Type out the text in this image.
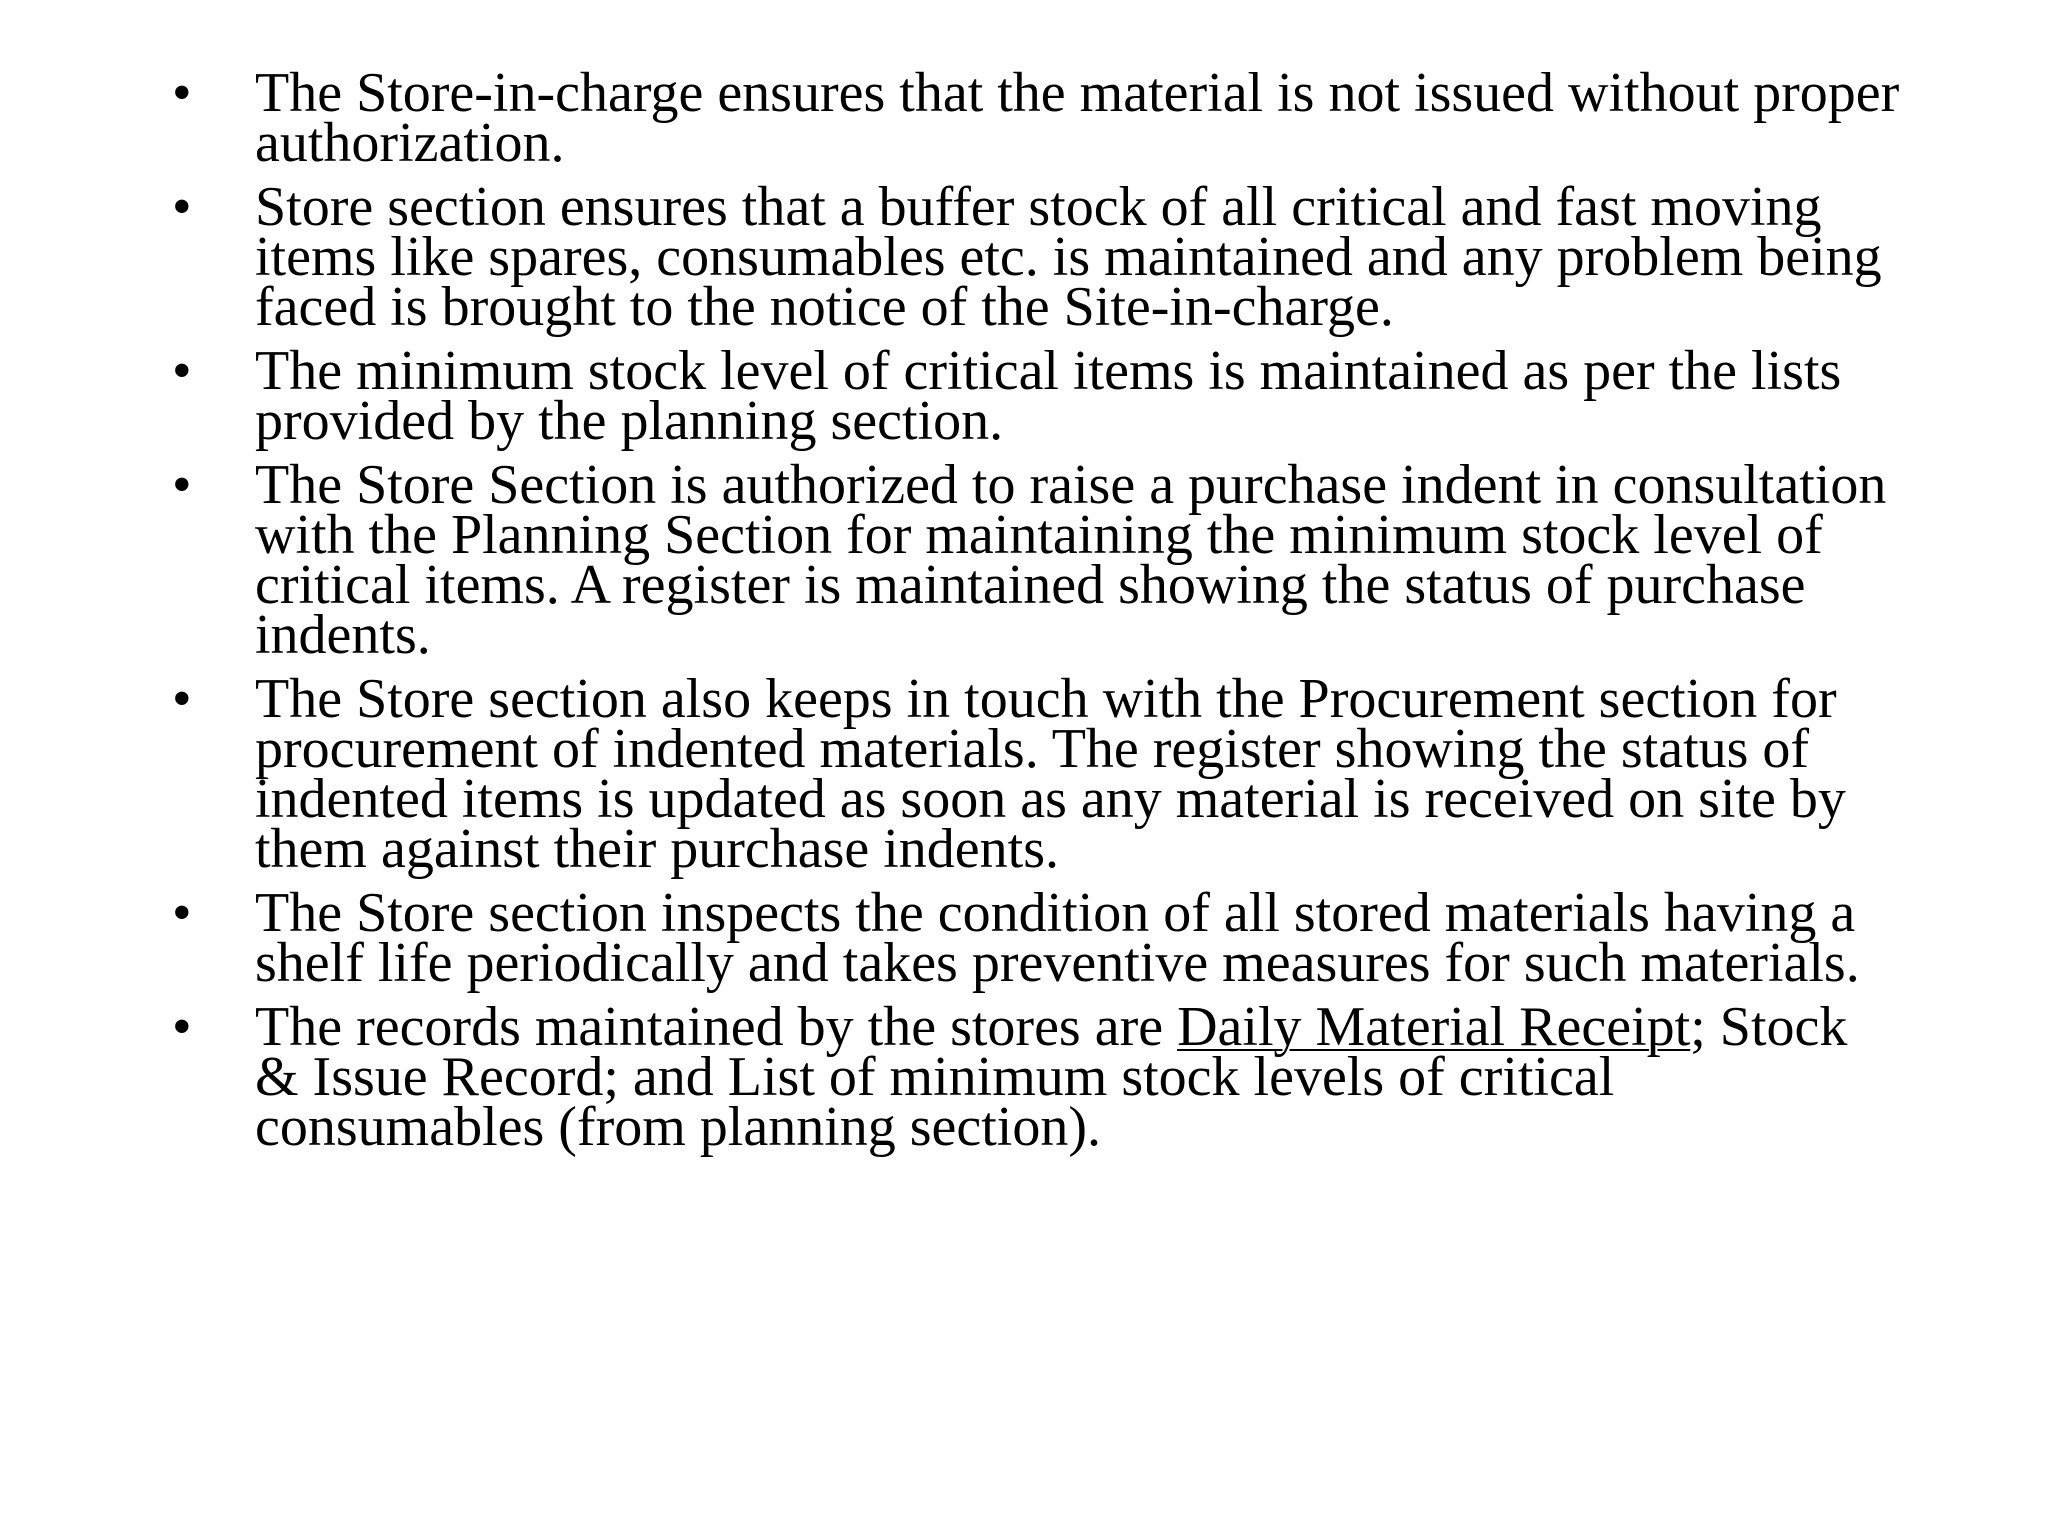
•	The Store-in-charge ensures that the material is not issued without proper authorization.
•	Store section ensures that a buffer stock of all critical and fast moving items like spares, consumables etc. is maintained and any problem being faced is brought to the notice of the Site-in-charge.
•	The minimum stock level of critical items is maintained as per the lists provided by the planning section.
•	The Store Section is authorized to raise a purchase indent in consultation with the Planning Section for maintaining the minimum stock level of critical items. A register is maintained showing the status of purchase indents.
•	The Store section also keeps in touch with the Procurement section for procurement of indented materials. The register showing the status of indented items is updated as soon as any material is received on site by them against their purchase indents.
•	The Store section inspects the condition of all stored materials having a shelf life periodically and takes preventive measures for such materials.
•	The records maintained by the stores are Daily Material Receipt; Stock & Issue Record; and List of minimum stock levels of critical consumables (from planning section).
